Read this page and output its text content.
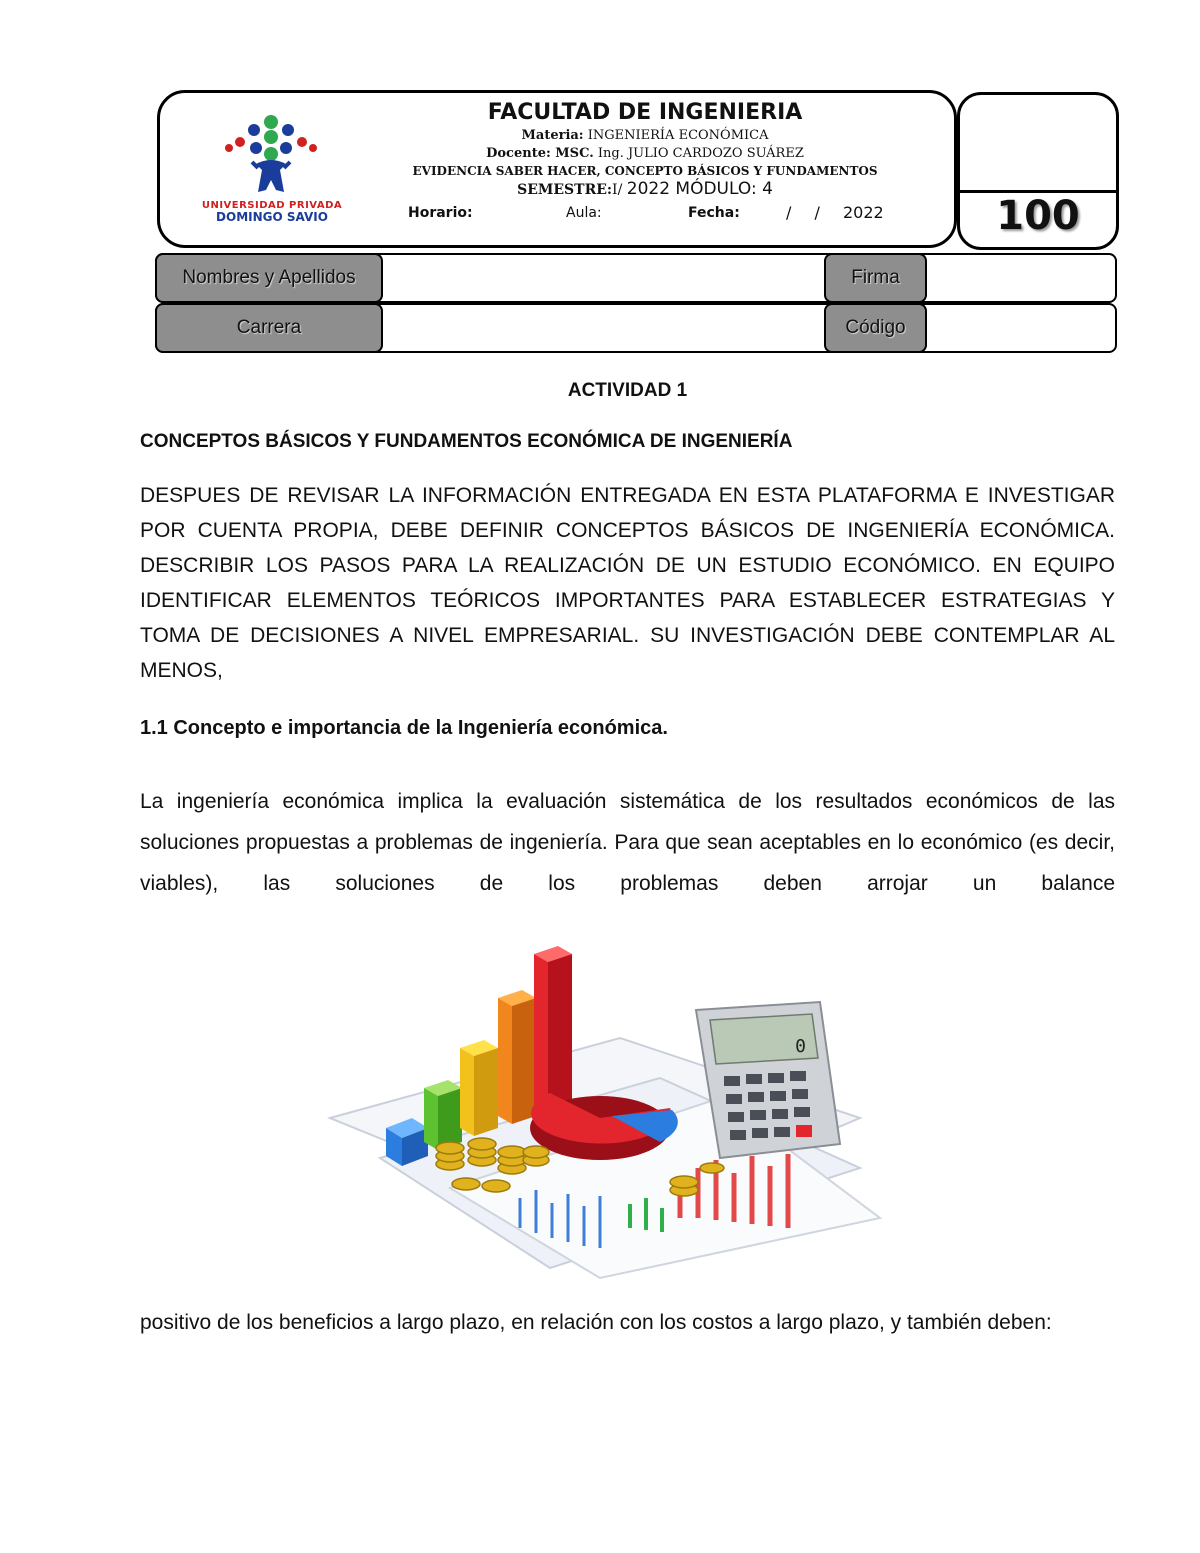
UNIVERSIDAD PRIVADA
DOMINGO SAVIO
FACULTAD DE INGENIERIA
Materia: INGENIERÍA ECONÓMICA
Docente: MSC. Ing. JULIO CARDOZO SUÁREZ
EVIDENCIA SABER HACER, CONCEPTO BÁSICOS Y FUNDAMENTOS
SEMESTRE:I/ 2022 MÓDULO: 4
Horario:	Aula:	Fecha:	/ / 2022	100
Nombres y Apellidos	Firma
Carrera	Código
ACTIVIDAD 1
CONCEPTOS BÁSICOS Y FUNDAMENTOS ECONÓMICA DE INGENIERÍA
DESPUES DE REVISAR LA INFORMACIÓN ENTREGADA EN ESTA PLATAFORMA E INVESTIGAR POR CUENTA PROPIA, DEBE DEFINIR CONCEPTOS BÁSICOS DE INGENIERÍA ECONÓMICA. DESCRIBIR LOS PASOS PARA LA REALIZACIÓN DE UN ESTUDIO ECONÓMICO. EN EQUIPO IDENTIFICAR ELEMENTOS TEÓRICOS IMPORTANTES PARA ESTABLECER ESTRATEGIAS Y TOMA DE DECISIONES A NIVEL EMPRESARIAL. SU INVESTIGACIÓN DEBE CONTEMPLAR AL MENOS,
1.1 Concepto e importancia de la Ingeniería económica.
La ingeniería económica implica la evaluación sistemática de los resultados económicos de las soluciones propuestas a problemas de ingeniería. Para que sean aceptables en lo económico (es decir, viables), las soluciones de los problemas deben arrojar un balance
0
positivo de los beneficios a largo plazo, en relación con los costos a largo plazo, y también deben:
